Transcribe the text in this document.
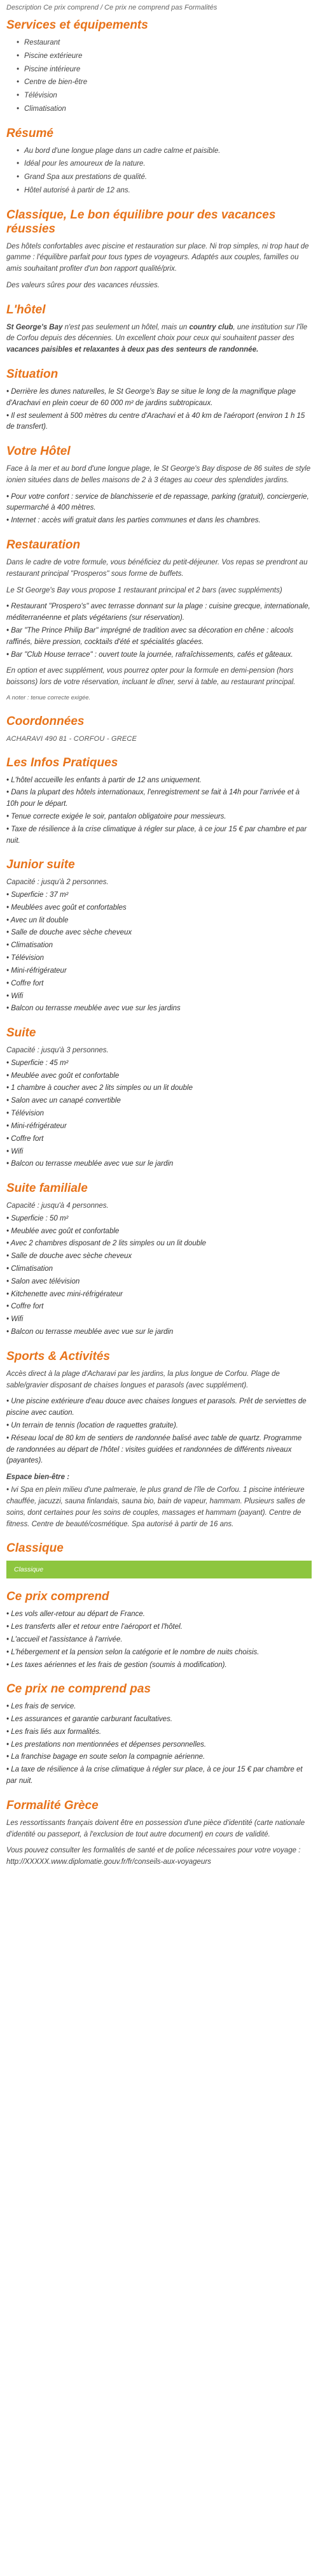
Description Ce prix comprend / Ce prix ne comprend pas Formalités
Services et équipements
• Restaurant
• Piscine extérieure
• Piscine intérieure
• Centre de bien-être
• Télévision
• Climatisation
Résumé
• Au bord d'une longue plage dans un cadre calme et paisible.
• Idéal pour les amoureux de la nature.
• Grand Spa aux prestations de qualité.
• Hôtel autorisé à partir de 12 ans.
Classique, Le bon équilibre pour des vacances réussies

Des hôtels confortables avec piscine et restauration sur place. Ni trop simples, ni trop haut de gamme : l'équilibre parfait pour tous types de voyageurs. Adaptés aux couples, familles ou amis souhaitant profiter d'un bon rapport qualité/prix.

Des valeurs sûres pour des vacances réussies.

L'hôtel

St George's Bay n'est pas seulement un hôtel, mais un country club, une institution sur l'île de Corfou depuis des décennies. Un excellent choix pour ceux qui souhaitent passer des vacances paisibles et relaxantes à deux pas des senteurs de randonnée.

Situation
• Derrière les dunes naturelles, le St George's Bay se situe le long de la magnifique plage d'Arachavi en plein coeur de 60 000 m² de jardins subtropicaux.
• Il est seulement à 500 mètres du centre d'Arachavi et à 40 km de l'aéroport (environ 1 h 15 de transfert).
Votre Hôtel

Face à la mer et au bord d'une longue plage, le St George's Bay dispose de 86 suites de style ionien situées dans de belles maisons de 2 à 3 étages au coeur des splendides jardins.

• Pour votre confort : service de blanchisserie et de repassage, parking (gratuit), conciergerie, supermarché à 400 mètres.
• Internet : accès wifi gratuit dans les parties communes et dans les chambres.
Restauration

Dans le cadre de votre formule, vous bénéficiez du petit-déjeuner. Vos repas se prendront au restaurant principal "Prosperos" sous forme de buffets.

Le St George's Bay vous propose 1 restaurant principal et 2 bars (avec suppléments)

• Restaurant "Prospero's" avec terrasse donnant sur la plage : cuisine grecque, internationale, méditerranéenne et plats végétariens (sur réservation).
• Bar "The Prince Philip Bar" imprégné de tradition avec sa décoration en chêne : alcools raffinés, bière pression, cocktails d'été et spécialités glacées.
• Bar "Club House terrace" : ouvert toute la journée, rafraîchissements, cafés et gâteaux.

En option et avec supplément, vous pourrez opter pour la formule en demi-pension (hors boissons) lors de votre réservation, incluant le dîner, servi à table, au restaurant principal.

A noter : tenue correcte exigée.

Coordonnées

ACHARAVI 490 81 - CORFOU - GRECE

Les Infos Pratiques
• L'hôtel accueille les enfants à partir de 12 ans uniquement.
• Dans la plupart des hôtels internationaux, l'enregistrement se fait à 14h pour l'arrivée et à 10h pour le départ.
• Tenue correcte exigée le soir, pantalon obligatoire pour messieurs.
• Taxe de résilience à la crise climatique à régler sur place, à ce jour 15 € par chambre et par nuit.
Junior suite

Capacité : jusqu'à 2 personnes.

• Superficie : 37 m²
• Meublées avec goût et confortables
• Avec un lit double
• Salle de douche avec sèche cheveux
• Climatisation
• Télévision
• Mini-réfrigérateur
• Coffre fort
• Wifi
• Balcon ou terrasse meublée avec vue sur les jardins
Suite

Capacité : jusqu'à 3 personnes.

• Superficie : 45 m²
• Meublée avec goût et confortable
• 1 chambre à coucher avec 2 lits simples ou un lit double
• Salon avec un canapé convertible
• Télévision
• Mini-réfrigérateur
• Coffre fort
• Wifi
• Balcon ou terrasse meublée avec vue sur le jardin
Suite familiale

Capacité : jusqu'à 4 personnes.

• Superficie : 50 m²
• Meublée avec goût et confortable
• Avec 2 chambres disposant de 2 lits simples ou un lit double
• Salle de douche avec sèche cheveux
• Climatisation
• Salon avec télévision
• Kitchenette avec mini-réfrigérateur
• Coffre fort
• Wifi
• Balcon ou terrasse meublée avec vue sur le jardin
Sports & Activités

Accès direct à la plage d'Acharavi par les jardins, la plus longue de Corfou. Plage de sable/gravier disposant de chaises longues et parasols (avec supplément).

• Une piscine extérieure d'eau douce avec chaises longues et parasols. Prêt de serviettes de piscine avec caution.
• Un terrain de tennis (location de raquettes gratuite).
• Réseau local de 80 km de sentiers de randonnée balisé avec table de quartz. Programme de randonnées au départ de l'hôtel : visites guidées et randonnées de différents niveaux (payantes).

Espace bien-être :

• Ivi Spa en plein milieu d'une palmeraie, le plus grand de l'île de Corfou. 1 piscine intérieure chauffée, jacuzzi, sauna finlandais, sauna bio, bain de vapeur, hammam. Plusieurs salles de soins, dont certaines pour les soins de couples, massages et hammam (payant). Centre de fitness. Centre de beauté/cosmétique. Spa autorisé à partir de 16 ans.

Classique
Classique
Ce prix comprend
• Les vols aller-retour au départ de France.
• Les transferts aller et retour entre l'aéroport et l'hôtel.
• L'accueil et l'assistance à l'arrivée.
• L'hébergement et la pension selon la catégorie et le nombre de nuits choisis.
• Les taxes aériennes et les frais de gestion (soumis à modification).
Ce prix ne comprend pas
• Les frais de service.
• Les assurances et garantie carburant facultatives.
• Les frais liés aux formalités.
• Les prestations non mentionnées et dépenses personnelles.
• La franchise bagage en soute selon la compagnie aérienne.
• La taxe de résilience à la crise climatique à régler sur place, à ce jour 15 € par chambre et par nuit.
Formalité Grèce

Les ressortissants français doivent être en possession d'une pièce d'identité (carte nationale d'identité ou passeport, à l'exclusion de tout autre document) en cours de validité.

Vous pouvez consulter les formalités de santé et de police nécessaires pour votre voyage : http://XXXXX.www.diplomatie.gouv.fr/fr/conseils-aux-voyageurs
